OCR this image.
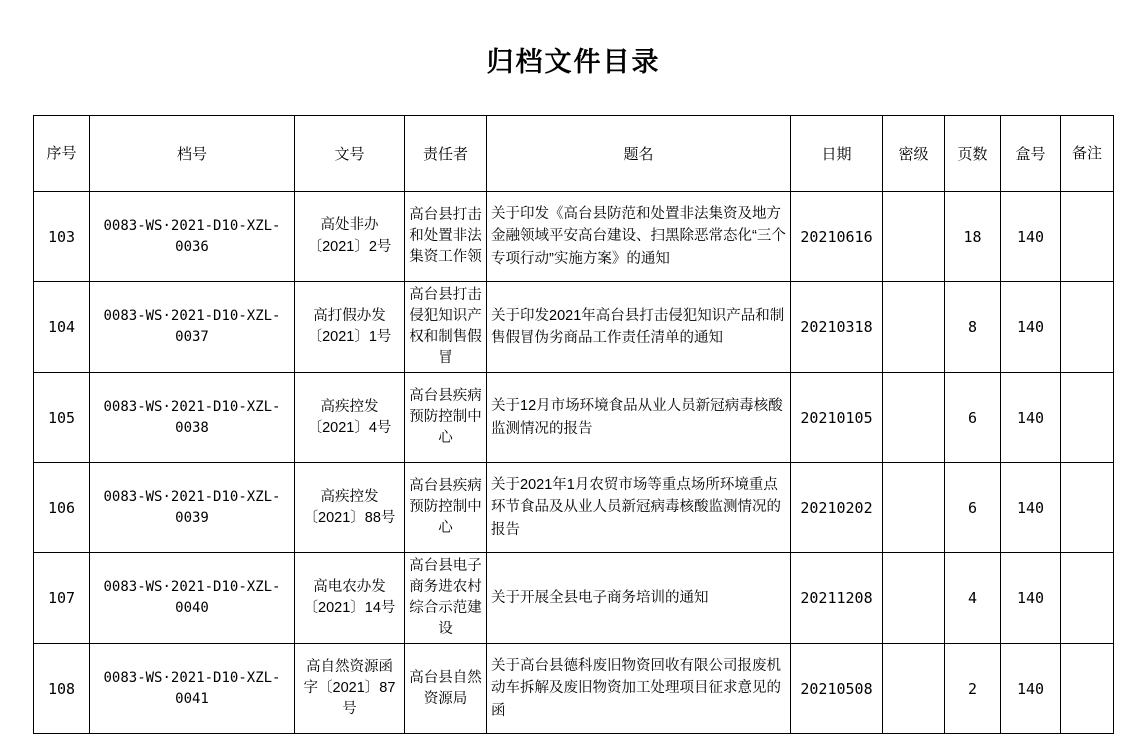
归档文件目录
序号	档号	文号	责任者	题名	日期	密级	页数	盒号	备注
103	0083-WS·2021-D10-XZL-0036	高处非办〔2021〕2号	高台县打击和处置非法集资工作领	关于印发《高台县防范和处置非法集资及地方金融领域平安高台建设、扫黑除恶常态化“三个专项行动”实施方案》的通知	20210616		18	140	
104	0083-WS·2021-D10-XZL-0037	高打假办发〔2021〕1号	高台县打击侵犯知识产权和制售假冒	关于印发2021年高台县打击侵犯知识产品和制售假冒伪劣商品工作责任清单的通知	20210318		8	140	
105	0083-WS·2021-D10-XZL-0038	高疾控发〔2021〕4号	高台县疾病预防控制中心	关于12月市场环境食品从业人员新冠病毒核酸监测情况的报告	20210105		6	140	
106	0083-WS·2021-D10-XZL-0039	高疾控发〔2021〕88号	高台县疾病预防控制中心	关于2021年1月农贸市场等重点场所环境重点环节食品及从业人员新冠病毒核酸监测情况的报告	20210202		6	140	
107	0083-WS·2021-D10-XZL-0040	高电农办发〔2021〕14号	高台县电子商务进农村综合示范建设	关于开展全县电子商务培训的通知	20211208		4	140	
108	0083-WS·2021-D10-XZL-0041	高自然资源函字〔2021〕87号	高台县自然资源局	关于高台县德科废旧物资回收有限公司报废机动车拆解及废旧物资加工处理项目征求意见的函	20210508		2	140	
